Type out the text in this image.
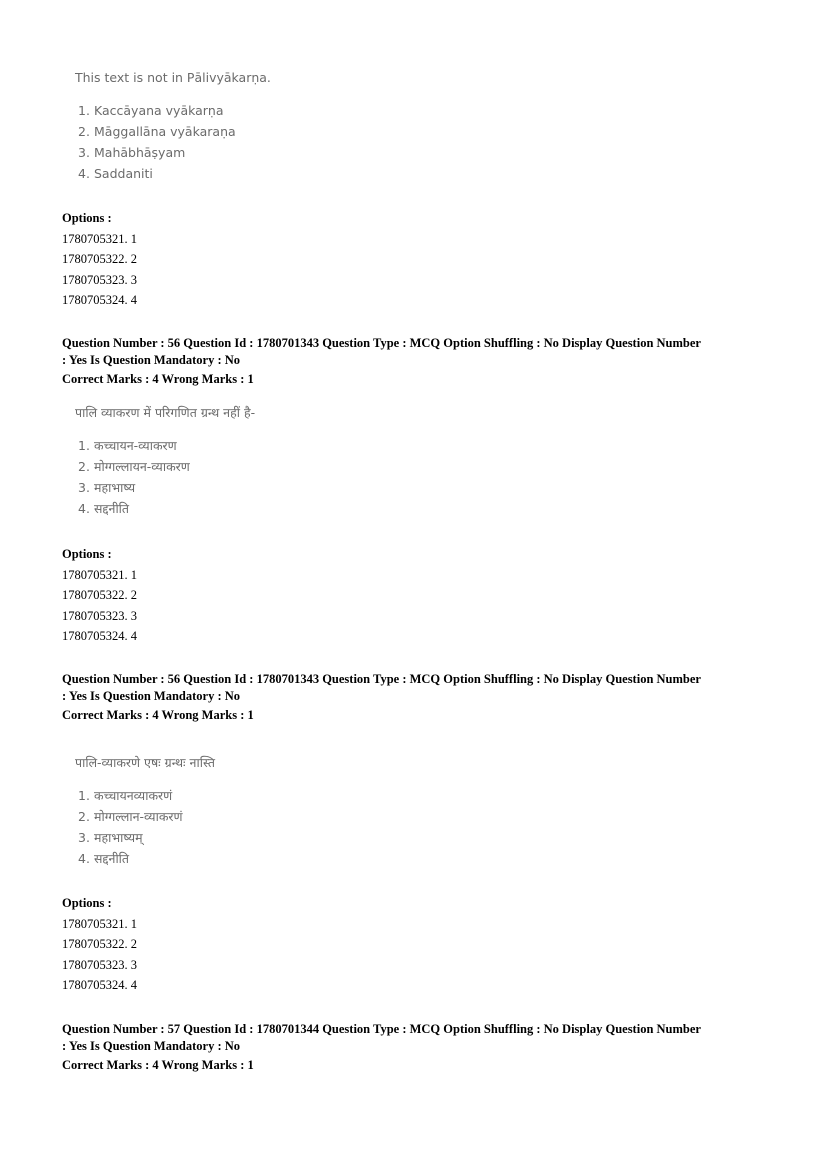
This text is not in Pālivyākarṇa.
1. Kaccāyana vyākarṇa
2. Māggallāna vyākaraṇa
3. Mahābhāṣyam
4. Saddaniti
Options :
1780705321. 1
1780705322. 2
1780705323. 3
1780705324. 4
Question Number : 56 Question Id : 1780701343 Question Type : MCQ Option Shuffling : No Display Question Number
: Yes Is Question Mandatory : No
Correct Marks : 4 Wrong Marks : 1
पालि व्याकरण में परिगणित ग्रन्थ नहीं है-
1. कच्चायन-व्याकरण
2. मोग्गल्लायन-व्याकरण
3. महाभाष्य
4. सद्दनीति
Options :
1780705321. 1
1780705322. 2
1780705323. 3
1780705324. 4
Question Number : 56 Question Id : 1780701343 Question Type : MCQ Option Shuffling : No Display Question Number
: Yes Is Question Mandatory : No
Correct Marks : 4 Wrong Marks : 1
पालि-व्याकरणे एषः ग्रन्थः नास्ति
1. कच्चायनव्याकरणं
2. मोग्गल्लान-व्याकरणं
3. महाभाष्यम्
4. सद्दनीति
Options :
1780705321. 1
1780705322. 2
1780705323. 3
1780705324. 4
Question Number : 57 Question Id : 1780701344 Question Type : MCQ Option Shuffling : No Display Question Number
: Yes Is Question Mandatory : No
Correct Marks : 4 Wrong Marks : 1
